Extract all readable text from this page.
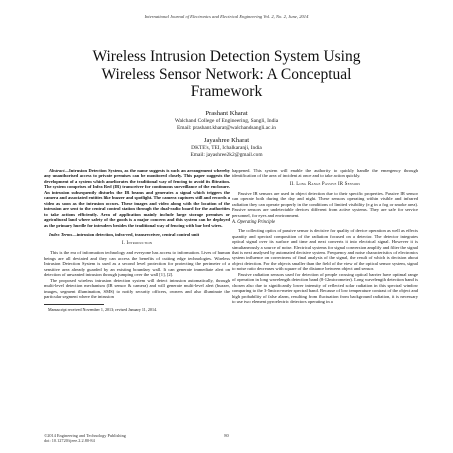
International Journal of Electronics and Electrical Engineering Vol. 2, No. 2, June, 2014
Wireless Intrusion Detection System Using
Wireless Sensor Network: A Conceptual
Framework
Prashant Kharat
Walchand College of Engineering, Sangli, India
Email: prashant.kharat@walchandsangli.ac.in
Jayashree Kharat
DKTE's, TEI, Ichalkaranji, India
Email: jayashree2k2@gmail.com

Abstract—Intrusion Detection System, as the name suggests is such an arrangement whereby any unauthorised access to private premises can be monitored closely. This paper suggests the development of a system which ameliorates the traditional way of fencing to avoid its flitration. The system comprises of Infra Red (IR) transceiver for continuous surveillance of the enclosure. An intrusion subsequently disturbs the IR beams and generates a signal which triggers the camera and associated entities like buzzer and spotlight. The camera captures still and records a video as soon as the intrusion occurs. These images and video along with the location of the intrusion are sent to the central control station through the dual-radio board for the authorities to take actions efficiently. Area of application mainly include large storage premises or agricultural land where safety of the goods is a major concern and this system can be deployed as the primary hurdle for intruders besides the traditional way of fencing with bar bed wires.

Index Terms—intrusion detection, infra-red, transreceiver, central control unit

I. Introduction

This is the era of information technology and everyone has access to information. Lives of human beings are all deviated and they can access the benefits of cutting edge technologies. Wireless Intrusion Detection System is used as a second level protection for protecting the perimeter of a sensitive area already guarded by an existing boundary wall. It can generate immediate alert on detection of unwanted intrusion through jumping over the wall [1], [2].

The proposed wireless intrusion detection system will detect intrusion automatically, through multi-level detection mechanism (IR sensor & camera) and will generate multi-level alert (buzzer, images, segment illumination, SMS) to notify security officers, owners and also illuminate the particular segment where the intrusion

Manuscript received November 1, 2013; revised January 11, 2014.

happened. This system will enable the authority to quickly handle the emergency through identification of the area of incident at once and to take action quickly.

II. Long Range Passive IR Sensors

Passive IR sensors are used in object detection due to their specific properties. Passive IR sensor can operate both during the day and night. These sensors operating within visible and infrared radiation they can operate properly in the conditions of limited visibility (e.g in a fog or smoke area). Passive sensors are undetectable devices different from active systems. They are safe for service personnel, for eyes and environment.

A. Operating Principle

The collecting optics of passive sensor is decisive for quality of device operation as well as effects quantity and spectral composition of the radiation focused on a detector. The detector integrates optical signal over its surface and time and next converts it into electrical signal. However it is simultaneously a source of noise. Electrical systems for signal conversion amplify and filter the signal that is next analysed by automated decisive system. Frequency and noise characteristics of electronics system influence on correctness of final analysis of the signal, the result of which is decision about object detection. For the objects smaller than the field of the view of the optical sensor system, signal to noise ratio decreases with square of the distance between object and sensor.

Passive radiation sensors used for detection of people crossing optical barrier have optimal range of operation in long wavelength detection band (8-12micrometer). Long wavelength detection band is chosen also due to significantly lower intensity of reflected solar radiation in this spectral window comparing to the 3-5micro-meter spectral band. Because of low temperature contrast of the object and high probability of false alarm, resulting from fluctuation from background radiation, it is necessary to use two element pyroelectric detectors operating in a

©2014 Engineering and Technology Publishing
doi: 10.12720/ijeee.2.2.80-84
80
